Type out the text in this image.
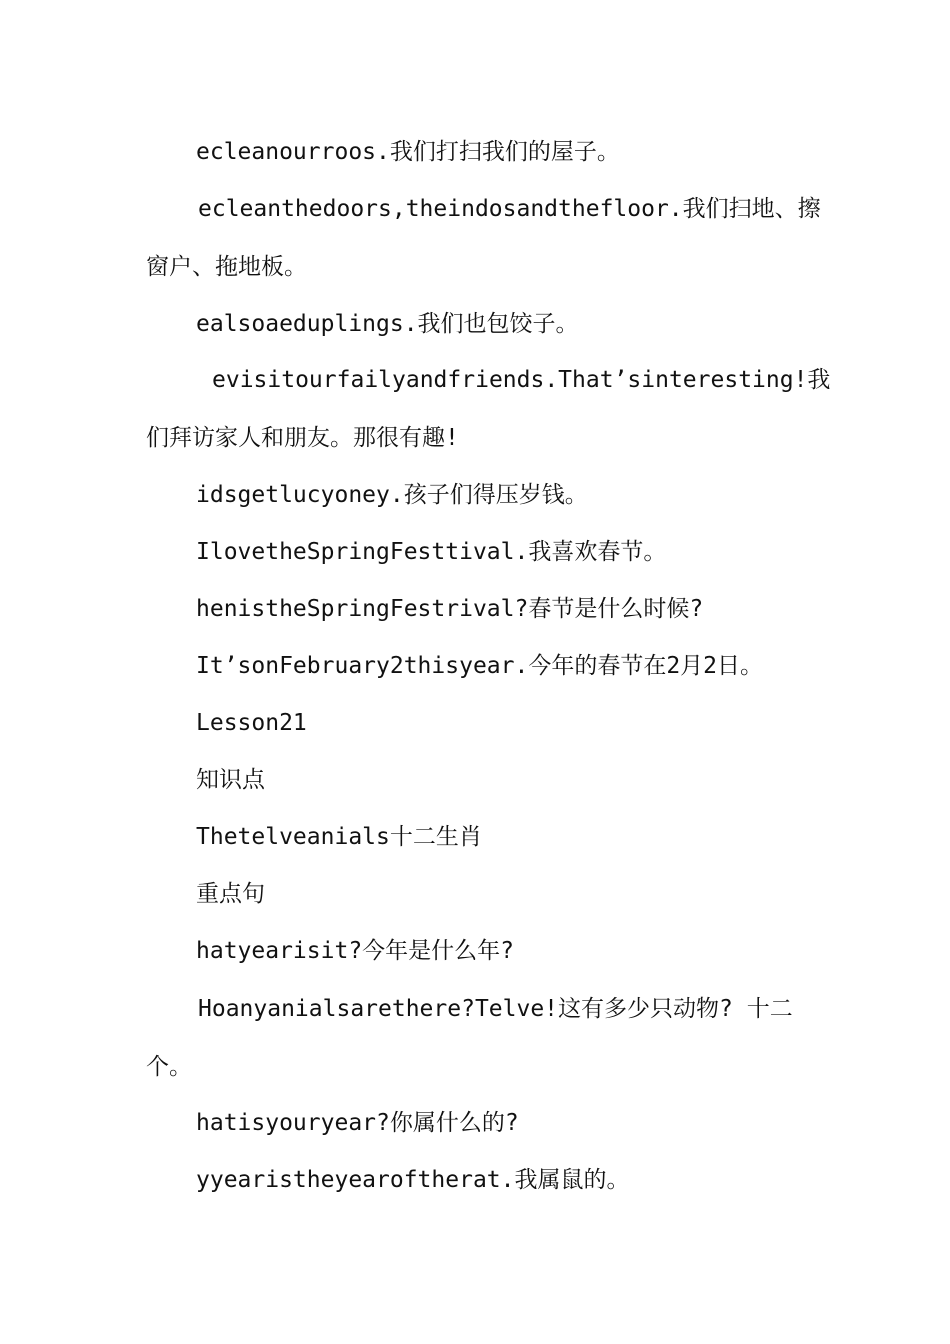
ecleanourroos.我们打扫我们的屋子。
ecleanthedoors,theindosandthefloor.我们扫地、擦
窗户、拖地板。
ealsoaeduplings.我们也包饺子。
evisitourfailyandfriends.That’sinteresting!我
们拜访家人和朋友。那很有趣!
idsgetlucyoney.孩子们得压岁钱。
IlovetheSpringFesttival.我喜欢春节。
henistheSpringFestrival?春节是什么时候?
It’sonFebruary2thisyear.今年的春节在2月2日。
Lesson21
知识点
Thetelveanials十二生肖
重点句
hatyearisit?今年是什么年?
Hoanyanialsarethere?Telve!这有多少只动物? 十二
个。
hatisyouryear?你属什么的?
yyearistheyearoftherat.我属鼠的。
